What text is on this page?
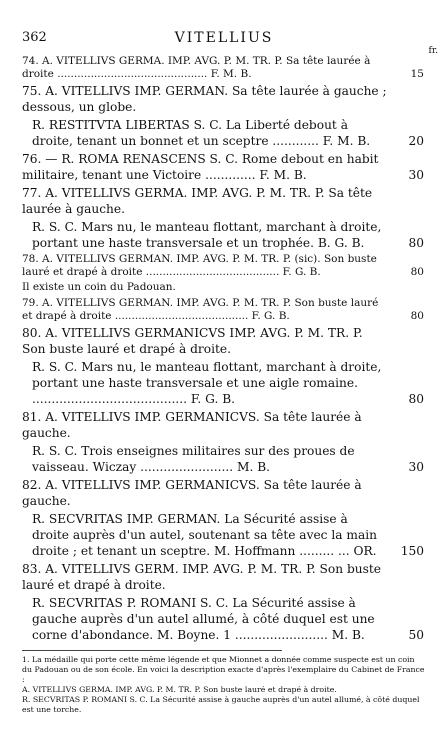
362	VITELLIUS
fr.
74. A. VITELLIVS GERMA. IMP. AVG. P. M. TR. P. Sa tête laurée à droite ............................................. F. M. B.	15
75. A. VITELLIVS IMP. GERMAN. Sa tête laurée à gauche ; dessous, un globe.
R. RESTITVTA LIBERTAS S. C. La Liberté debout à droite, tenant un bonnet et un sceptre ............ F. M. B.	20
76. — R. ROMA RENASCENS S. C. Rome debout en habit militaire, tenant une Victoire ............. F. M. B.	30
77. A. VITELLIVS GERMA. IMP. AVG. P. M. TR. P. Sa tête laurée à gauche.
R. S. C. Mars nu, le manteau flottant, marchant à droite, portant une haste transversale et un trophée. B. G. B.	80
78. A. VITELLIVS GERMAN. IMP. AVG. P. M. TR. P. (sic). Son buste lauré et drapé à droite ........................................ F. G. B.	80
Il existe un coin du Padouan.
79. A. VITELLIVS GERMAN. IMP. AVG. P. M. TR. P. Son buste lauré et drapé à droite ........................................ F. G. B.	80
80. A. VITELLIVS GERMANICVS IMP. AVG. P. M. TR. P. Son buste lauré et drapé à droite.
R. S. C. Mars nu, le manteau flottant, marchant à droite, portant une haste transversale et une aigle romaine. ........................................ F. G. B.	80
81. A. VITELLIVS IMP. GERMANICVS. Sa tête laurée à gauche.
R. S. C. Trois enseignes militaires sur des proues de vaisseau. Wiczay ........................ M. B.	30
82. A. VITELLIVS IMP. GERMANICVS. Sa tête laurée à gauche.
R. SECVRITAS IMP. GERMAN. La Sécurité assise à droite auprès d'un autel, soutenant sa tête avec la main droite ; et tenant un sceptre. M. Hoffmann ......... ... OR.	150
83. A. VITELLIVS GERM. IMP. AVG. P. M. TR. P. Son buste lauré et drapé à droite.
R. SECVRITAS P. ROMANI S. C. La Sécurité assise à gauche auprès d'un autel allumé, à côté duquel est une corne d'abondance. M. Boyne. 1 ........................ M. B.	50
1. La médaille qui porte cette même légende et que Mionnet a donnée comme suspecte est un coin du Padouan ou de son école. En voici la description exacte d'après l'exemplaire du Cabinet de France :
A. VITELLIVS GERMA. IMP. AVG. P. M. TR. P. Son buste lauré et drapé à droite.
R. SECVRITAS P. ROMANI S. C. La Sécurité assise à gauche auprès d'un autel allumé, à côté duquel est une torche.
